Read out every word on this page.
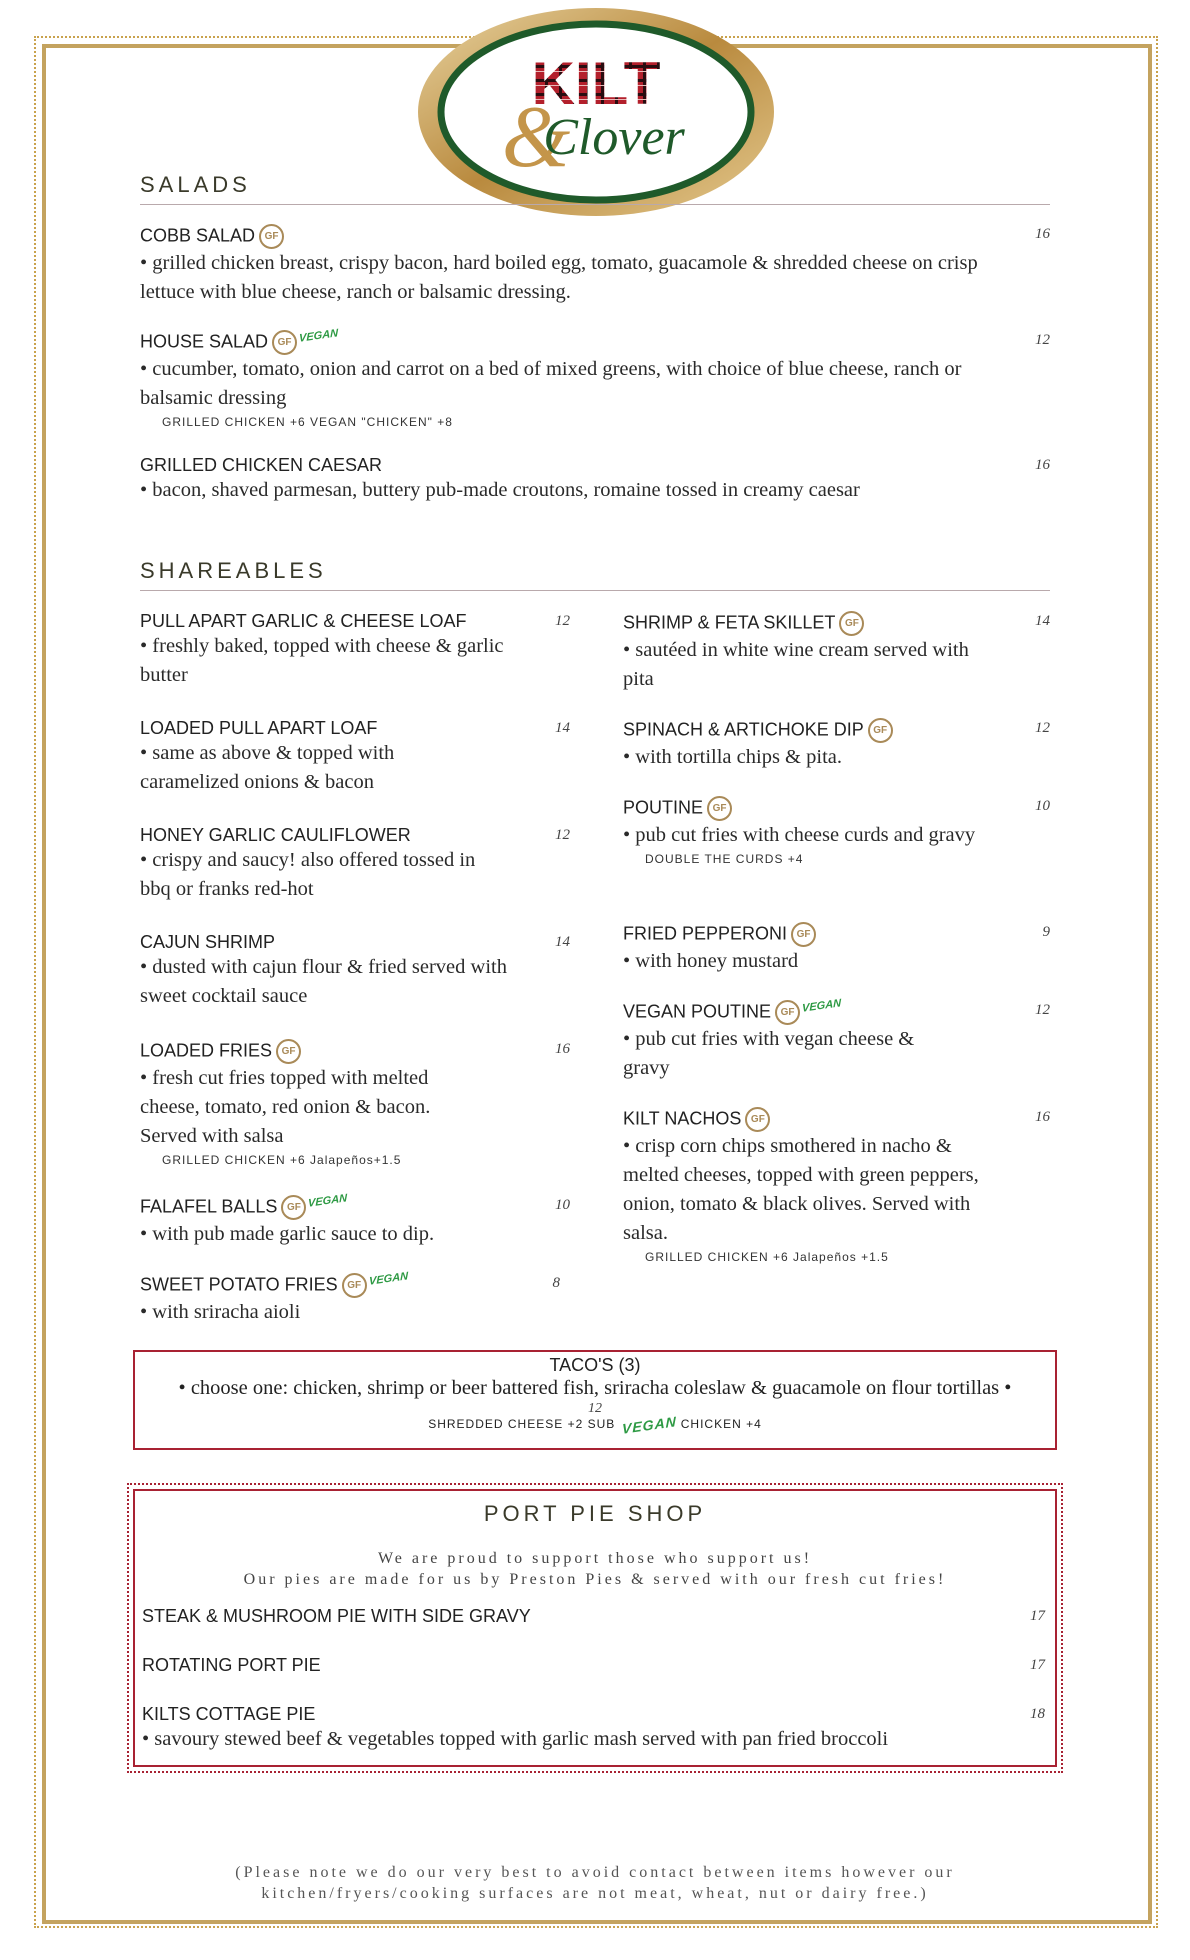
KILT
&
Clover
SALADS
COBB SALAD GF	16
• grilled chicken breast, crispy bacon, hard boiled egg, tomato, guacamole & shredded cheese on crisp lettuce with blue cheese, ranch or balsamic dressing.
HOUSE SALAD GF VEGAN	12
• cucumber, tomato, onion and carrot on a bed of mixed greens, with choice of blue cheese, ranch or balsamic dressing
GRILLED CHICKEN +6 VEGAN "CHICKEN" +8
GRILLED CHICKEN CAESAR	16
• bacon, shaved parmesan, buttery pub-made croutons, romaine tossed in creamy caesar
SHAREABLES
PULL APART GARLIC & CHEESE LOAF	12
• freshly baked, topped with cheese & garlic butter
LOADED PULL APART LOAF	14
• same as above & topped with caramelized onions & bacon
HONEY GARLIC CAULIFLOWER	12
• crispy and saucy! also offered tossed in bbq or franks red-hot
CAJUN SHRIMP	14
• dusted with cajun flour & fried served with sweet cocktail sauce
LOADED FRIES GF	16
• fresh cut fries topped with melted cheese, tomato, red onion & bacon. Served with salsa
GRILLED CHICKEN +6 Jalapeños+1.5
FALAFEL BALLS GF VEGAN	10
• with pub made garlic sauce to dip.
SWEET POTATO FRIES GF VEGAN	8
• with sriracha aioli
SHRIMP & FETA SKILLET GF	14
• sautéed in white wine cream served with pita
SPINACH & ARTICHOKE DIP GF	12
• with tortilla chips & pita.
POUTINE GF	10
• pub cut fries with cheese curds and gravy
DOUBLE THE CURDS +4
FRIED PEPPERONI GF	9
• with honey mustard
VEGAN POUTINE GF VEGAN	12
• pub cut fries with vegan cheese & gravy
KILT NACHOS GF	16
• crisp corn chips smothered in nacho & melted cheeses, topped with green peppers, onion, tomato & black olives. Served with salsa.
GRILLED CHICKEN +6 Jalapeños +1.5
TACO'S (3)
• choose one: chicken, shrimp or beer battered fish, sriracha coleslaw & guacamole on flour tortillas •
12
SHREDDED CHEESE +2 SUB VEGAN CHICKEN +4
PORT PIE SHOP
We are proud to support those who support us!
Our pies are made for us by Preston Pies & served with our fresh cut fries!
STEAK & MUSHROOM PIE WITH SIDE GRAVY	17
ROTATING PORT PIE	17
KILTS COTTAGE PIE	18
• savoury stewed beef & vegetables topped with garlic mash served with pan fried broccoli
(Please note we do our very best to avoid contact between items however our
kitchen/fryers/cooking surfaces are not meat, wheat, nut or dairy free.)
